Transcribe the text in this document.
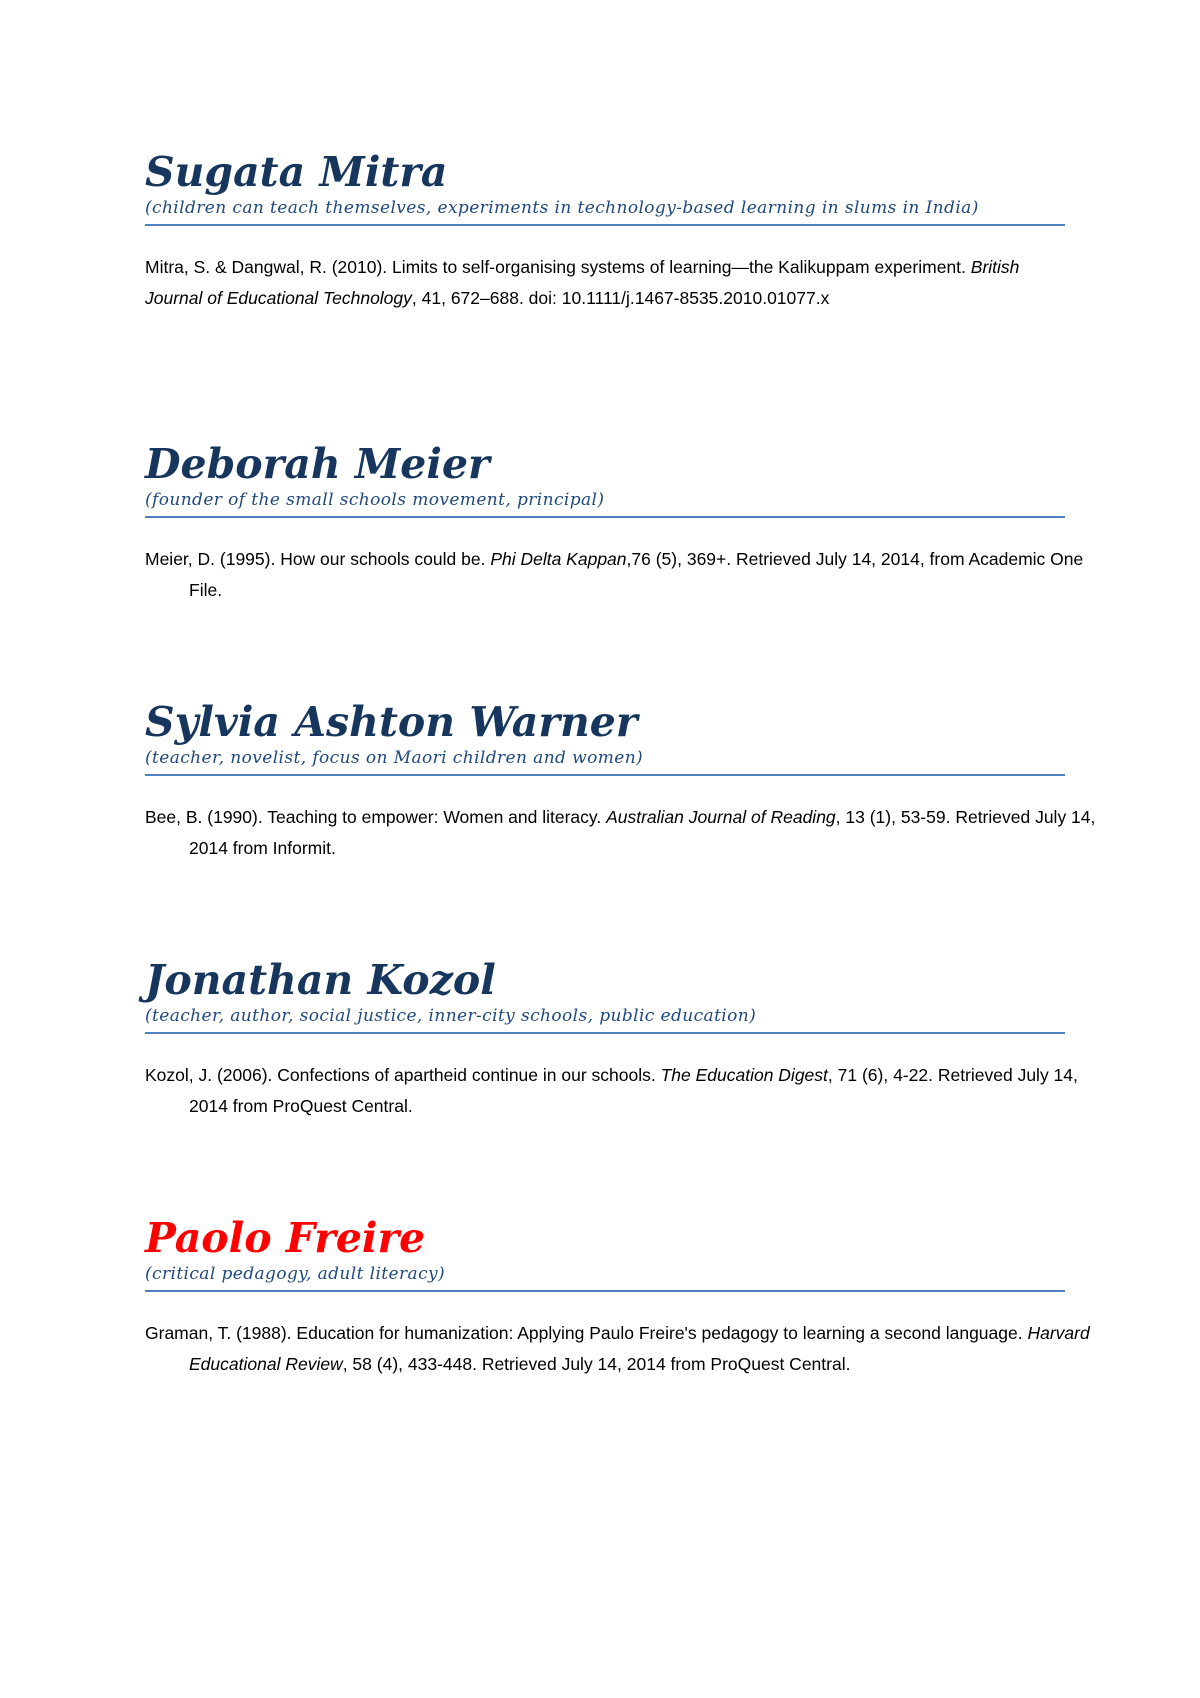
Sugata Mitra

(children can teach themselves, experiments in technology-based learning in slums in India)

Mitra, S. & Dangwal, R. (2010). Limits to self-organising systems of learning—the Kalikuppam experiment. British Journal of Educational Technology, 41, 672–688. doi: 10.1111/j.1467-8535.2010.01077.x

Deborah Meier

(founder of the small schools movement, principal)

Meier, D. (1995). How our schools could be. Phi Delta Kappan,76 (5), 369+. Retrieved July 14, 2014, from Academic One File.

Sylvia Ashton Warner

(teacher, novelist, focus on Maori children and women)

Bee, B. (1990). Teaching to empower: Women and literacy. Australian Journal of Reading, 13 (1), 53-59. Retrieved July 14, 2014 from Informit.

Jonathan Kozol

(teacher, author, social justice, inner-city schools, public education)

Kozol, J. (2006). Confections of apartheid continue in our schools. The Education Digest, 71 (6), 4-22. Retrieved July 14, 2014 from ProQuest Central.

Paolo Freire

(critical pedagogy, adult literacy)

Graman, T. (1988). Education for humanization: Applying Paulo Freire's pedagogy to learning a second language. Harvard Educational Review, 58 (4), 433-448. Retrieved July 14, 2014 from ProQuest Central.
